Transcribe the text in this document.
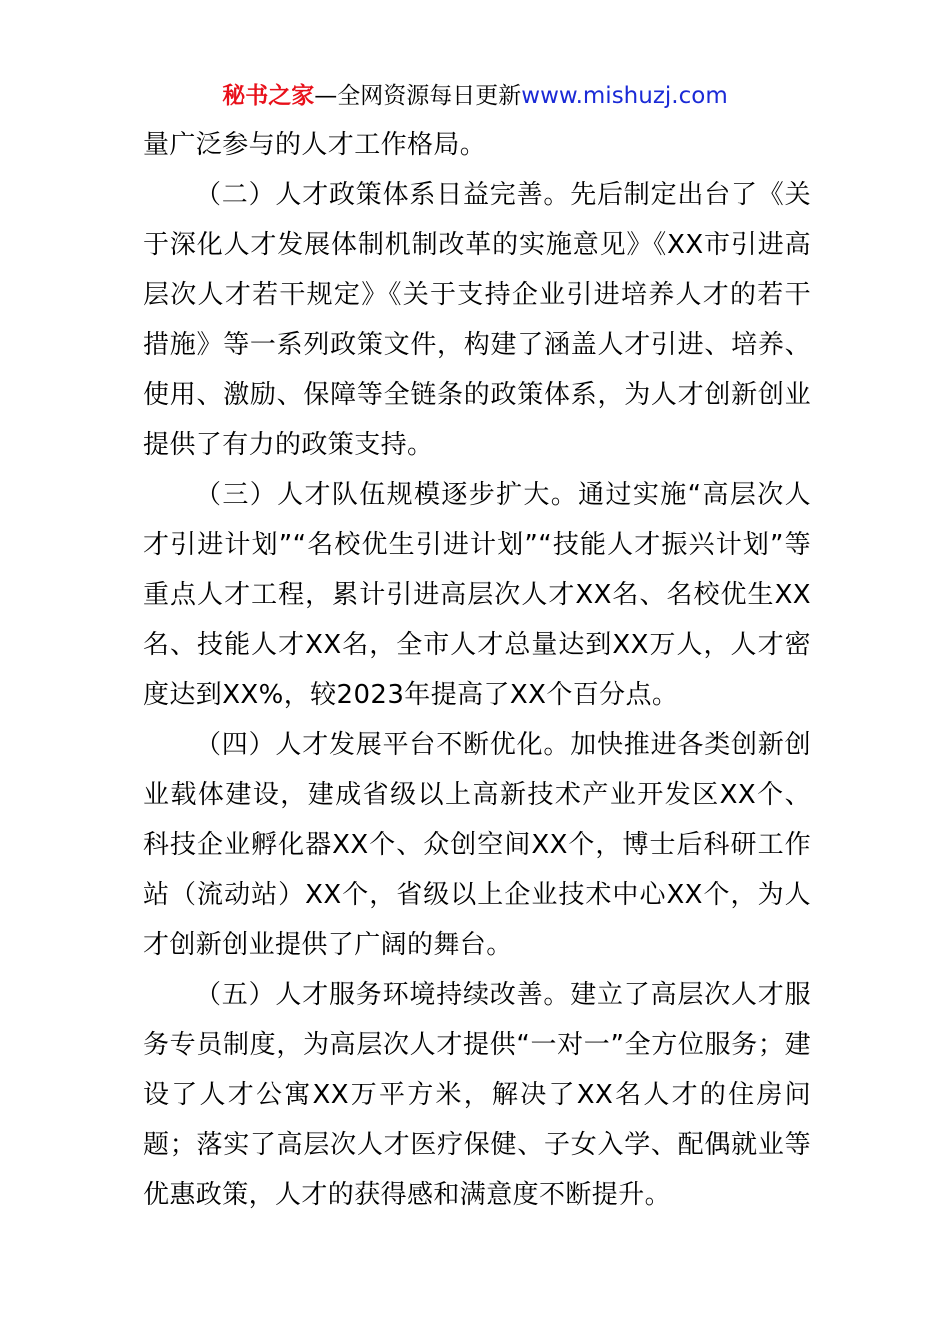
秘书之家—全网资源每日更新www.mishuzj.com

量广泛参与的人才工作格局。

（二）人才政策体系日益完善。先后制定出台了《关于深化人才发展体制机制改革的实施意见》《XX市引进高层次人才若干规定》《关于支持企业引进培养人才的若干措施》等一系列政策文件，构建了涵盖人才引进、培养、使用、激励、保障等全链条的政策体系，为人才创新创业提供了有力的政策支持。

（三）人才队伍规模逐步扩大。通过实施“高层次人才引进计划”“名校优生引进计划”“技能人才振兴计划”等重点人才工程，累计引进高层次人才XX名、名校优生XX名、技能人才XX名，全市人才总量达到XX万人，人才密度达到XX%，较2023年提高了XX个百分点。

（四）人才发展平台不断优化。加快推进各类创新创业载体建设，建成省级以上高新技术产业开发区XX个、科技企业孵化器XX个、众创空间XX个，博士后科研工作站（流动站）XX个，省级以上企业技术中心XX个，为人才创新创业提供了广阔的舞台。

（五）人才服务环境持续改善。建立了高层次人才服务专员制度，为高层次人才提供“一对一”全方位服务；建设了人才公寓XX万平方米，解决了XX名人才的住房问题；落实了高层次人才医疗保健、子女入学、配偶就业等优惠政策，人才的获得感和满意度不断提升。
